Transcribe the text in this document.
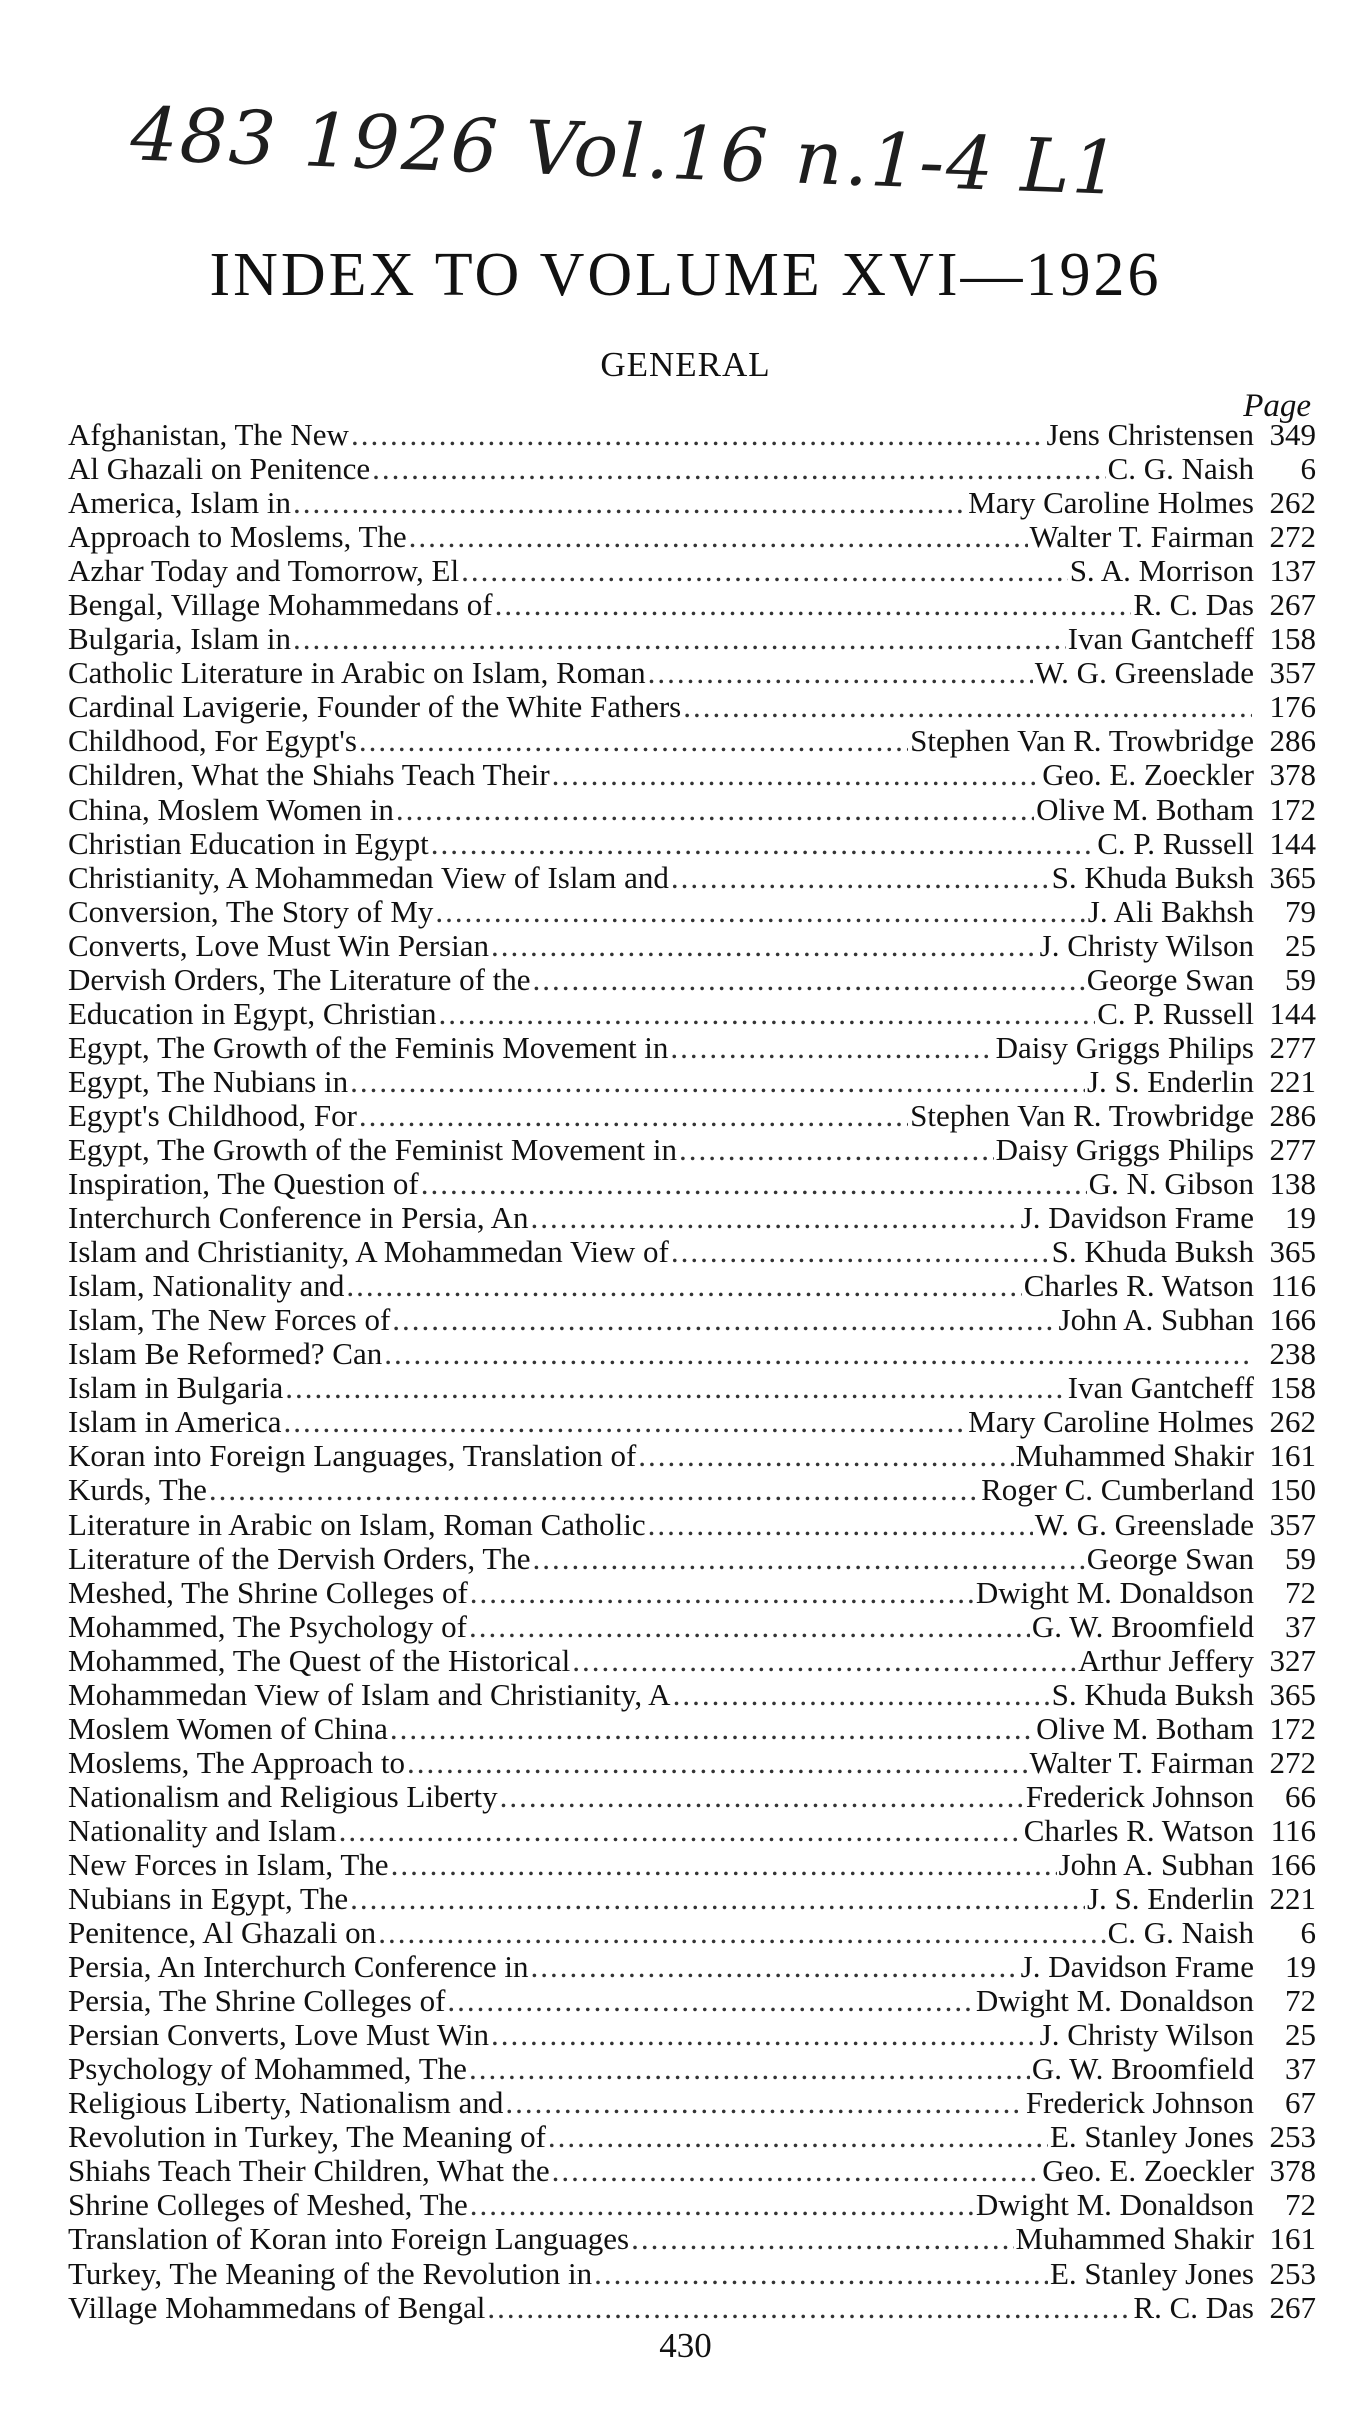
483 1926 Vol.16 n.1-4 L1
INDEX TO VOLUME XVI—1926
GENERAL
Page
Afghanistan, The New .....	Jens Christensen 349
Al Ghazali on Penitence .....	C. G. Naish	6
America, Islam in .....	Mary Caroline Holmes 262
Approach to Moslems, The .....	Walter T. Fairman 272
Azhar Today and Tomorrow, El .....	S. A. Morrison 137
Bengal, Village Mohammedans of .....	R. C. Das 267
Bulgaria, Islam in .....	Ivan Gantcheff 158
Catholic Literature in Arabic on Islam, Roman .....	W. G. Greenslade 357
Cardinal Lavigerie, Founder of the White Fathers .....	176
Childhood, For Egypt's .....	Stephen Van R. Trowbridge 286
Children, What the Shiahs Teach Their .....	Geo. E. Zoeckler 378
China, Moslem Women in .....	Olive M. Botham 172
Christian Education in Egypt .....	C. P. Russell 144
Christianity, A Mohammedan View of Islam and .....	S. Khuda Buksh 365
Conversion, The Story of My .....	J. Ali Bakhsh	79
Converts, Love Must Win Persian .....	J. Christy Wilson	25
Dervish Orders, The Literature of the .....	George Swan	59
Education in Egypt, Christian .....	C. P. Russell 144
Egypt, The Growth of the Feminis Movement in .....	Daisy Griggs Philips 277
Egypt, The Nubians in .....	J. S. Enderlin 221
Egypt's Childhood, For .....	Stephen Van R. Trowbridge 286
Egypt, The Growth of the Feminist Movement in .....	Daisy Griggs Philips 277
Inspiration, The Question of .....	G. N. Gibson 138
Interchurch Conference in Persia, An .....	J. Davidson Frame	19
Islam and Christianity, A Mohammedan View of .....	S. Khuda Buksh 365
Islam, Nationality and .....	Charles R. Watson 116
Islam, The New Forces of .....	John A. Subhan 166
Islam Be Reformed? Can .....	238
Islam in Bulgaria .....	Ivan Gantcheff 158
Islam in America .....	Mary Caroline Holmes 262
Koran into Foreign Languages, Translation of .....	Muhammed Shakir 161
Kurds, The .....	Roger C. Cumberland 150
Literature in Arabic on Islam, Roman Catholic .....	W. G. Greenslade 357
Literature of the Dervish Orders, The .....	George Swan	59
Meshed, The Shrine Colleges of .....	Dwight M. Donaldson	72
Mohammed, The Psychology of .....	G. W. Broomfield	37
Mohammed, The Quest of the Historical .....	Arthur Jeffery 327
Mohammedan View of Islam and Christianity, A .....	S. Khuda Buksh 365
Moslem Women of China .....	Olive M. Botham 172
Moslems, The Approach to .....	Walter T. Fairman 272
Nationalism and Religious Liberty .....	Frederick Johnson	66
Nationality and Islam .....	Charles R. Watson 116
New Forces in Islam, The .....	John A. Subhan 166
Nubians in Egypt, The .....	J. S. Enderlin 221
Penitence, Al Ghazali on .....	C. G. Naish	6
Persia, An Interchurch Conference in .....	J. Davidson Frame	19
Persia, The Shrine Colleges of .....	Dwight M. Donaldson	72
Persian Converts, Love Must Win .....	J. Christy Wilson	25
Psychology of Mohammed, The .....	G. W. Broomfield	37
Religious Liberty, Nationalism and .....	Frederick Johnson	67
Revolution in Turkey, The Meaning of .....	E. Stanley Jones 253
Shiahs Teach Their Children, What the .....	Geo. E. Zoeckler 378
Shrine Colleges of Meshed, The .....	Dwight M. Donaldson	72
Translation of Koran into Foreign Languages .....	Muhammed Shakir 161
Turkey, The Meaning of the Revolution in .....	E. Stanley Jones 253
Village Mohammedans of Bengal .....	R. C. Das 267
430
